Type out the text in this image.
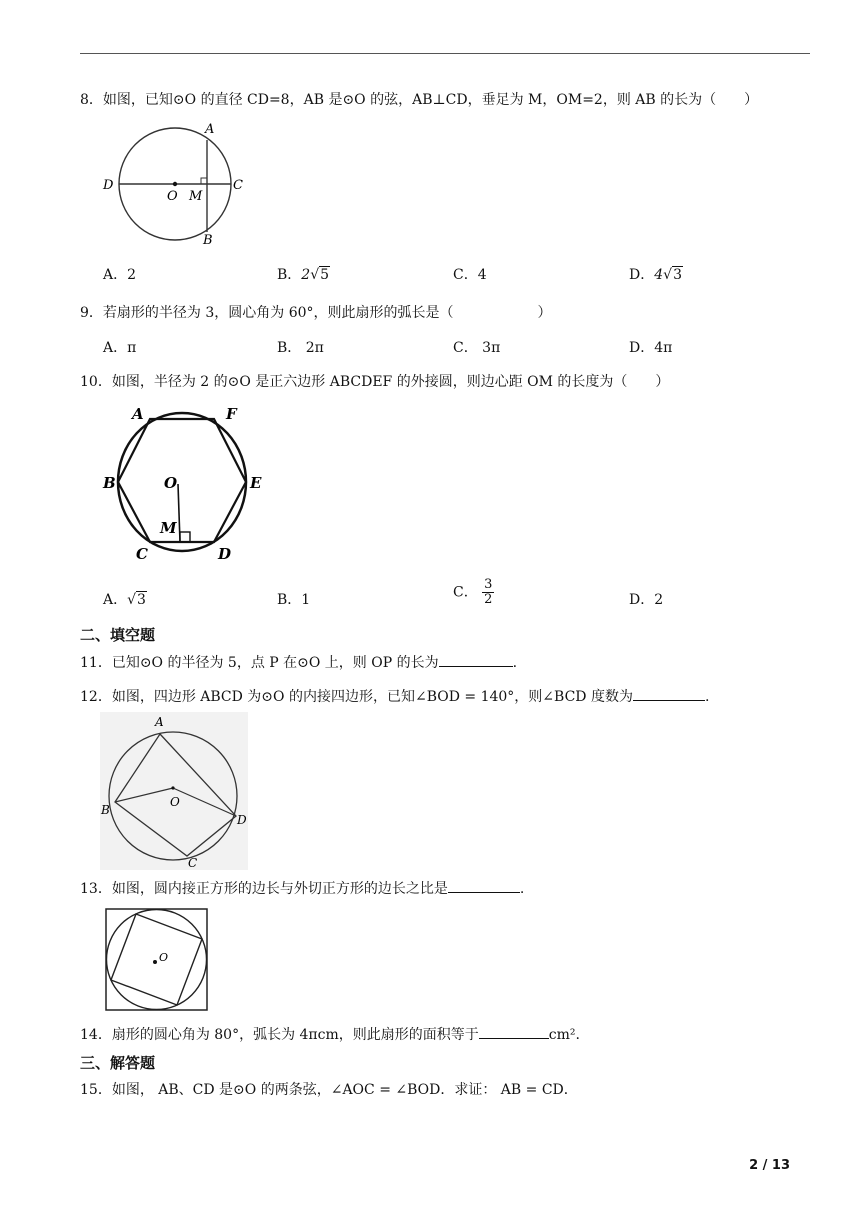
8．如图，已知⊙O 的直径 CD=8，AB 是⊙O 的弦，AB⊥CD，垂足为 M，OM=2，则 AB 的长为（　　）
A
B
C
D
O M
A．2	B．2√5	C．4	D．4√3
9．若扇形的半径为 3，圆心角为 60°，则此扇形的弧长是（　　　　　　）
A．π	B． 2π	C． 3π	D．4π
10．如图，半径为 2 的⊙O 是正六边形 ABCDEF 的外接圆，则边心距 OM 的长度为（　　）
A	F
B	E
O
M
C	D
A．√3	B．1	C． $\frac{3}{2}$	D．2
二、填空题
11．已知⊙O 的半径为 5，点 P 在⊙O 上，则 OP 的长为	.
12．如图，四边形 ABCD 为⊙O 的内接四边形，已知∠BOD = 140°，则∠BCD 度数为	.
A
B
C
D
O
13．如图，圆内接正方形的边长与外切正方形的边长之比是	.
O
14．扇形的圆心角为 80°，弧长为 4πcm，则此扇形的面积等于	cm².
三、解答题
15．如图， AB、CD 是⊙O 的两条弦，∠AOC = ∠BOD．求证： AB = CD．
2 / 13
